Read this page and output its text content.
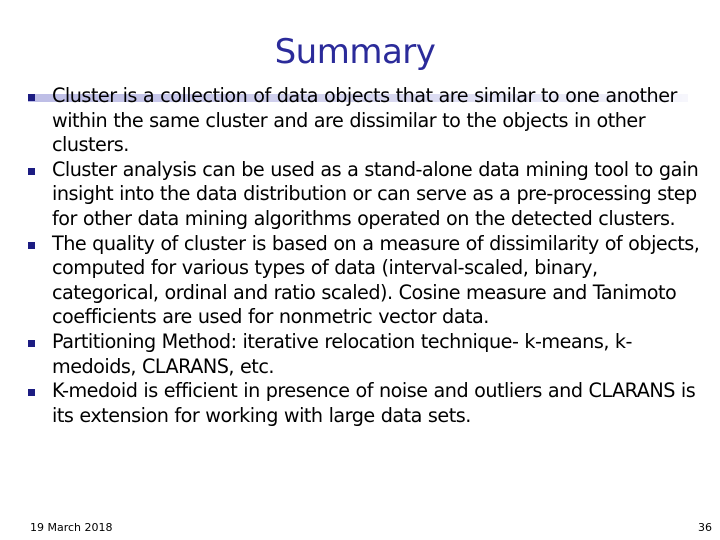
Summary
Cluster is a collection of data objects that are similar to one another within the same cluster and are dissimilar to the objects in other clusters.
Cluster analysis can be used as a stand-alone data mining tool to gain insight into the data distribution or can serve as a pre-processing step for other data mining algorithms operated on the detected clusters.
The quality of cluster is based on a measure of dissimilarity of objects, computed for various types of data (interval-scaled, binary, categorical, ordinal and ratio scaled). Cosine measure and Tanimoto coefficients are used for nonmetric vector data.
Partitioning Method: iterative relocation technique- k-means, k-medoids, CLARANS, etc.
K-medoid is efficient in presence of noise and outliers and CLARANS is its extension for working with large data sets.
19 March 2018	36
